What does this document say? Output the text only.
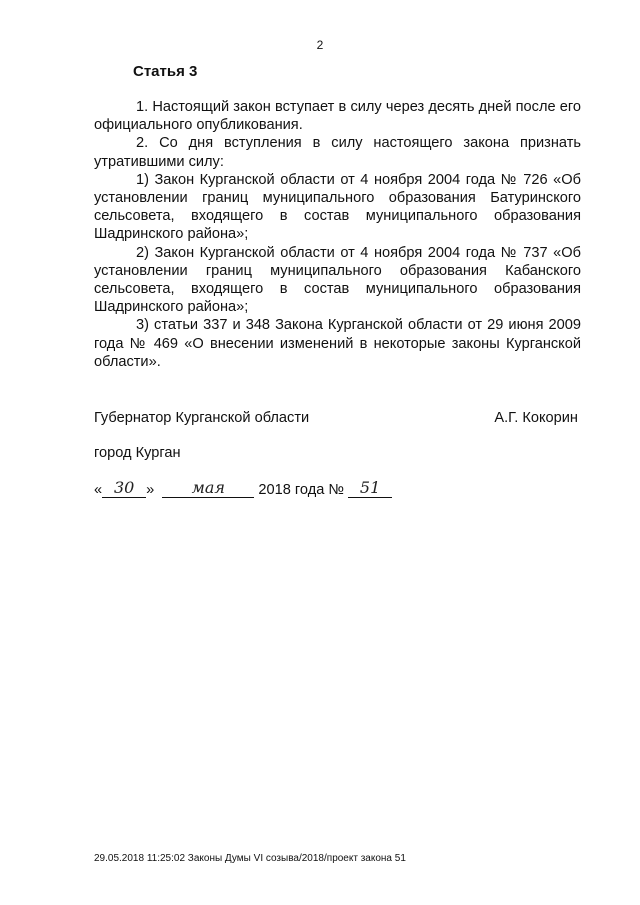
2
Статья 3

1. Настоящий закон вступает в силу через десять дней после его официального опубликования.

2. Со дня вступления в силу настоящего закона признать утратившими силу:

1) Закон Курганской области от 4 ноября 2004 года № 726 «Об установлении границ муниципального образования Батуринского сельсовета, входящего в состав муниципального образования Шадринского района»;

2) Закон Курганской области от 4 ноября 2004 года № 737 «Об установлении границ муниципального образования Кабанского сельсовета, входящего в состав муниципального образования Шадринского района»;

3) статьи 337 и 348 Закона Курганской области от 29 июня 2009 года № 469 «О внесении изменений в некоторые законы Курганской области».

Губернатор Курганской области	А.Г. Кокорин
город Курган
« 30 » мая 2018 года № 51
29.05.2018 11:25:02 Законы Думы VI созыва/2018/проект закона 51
